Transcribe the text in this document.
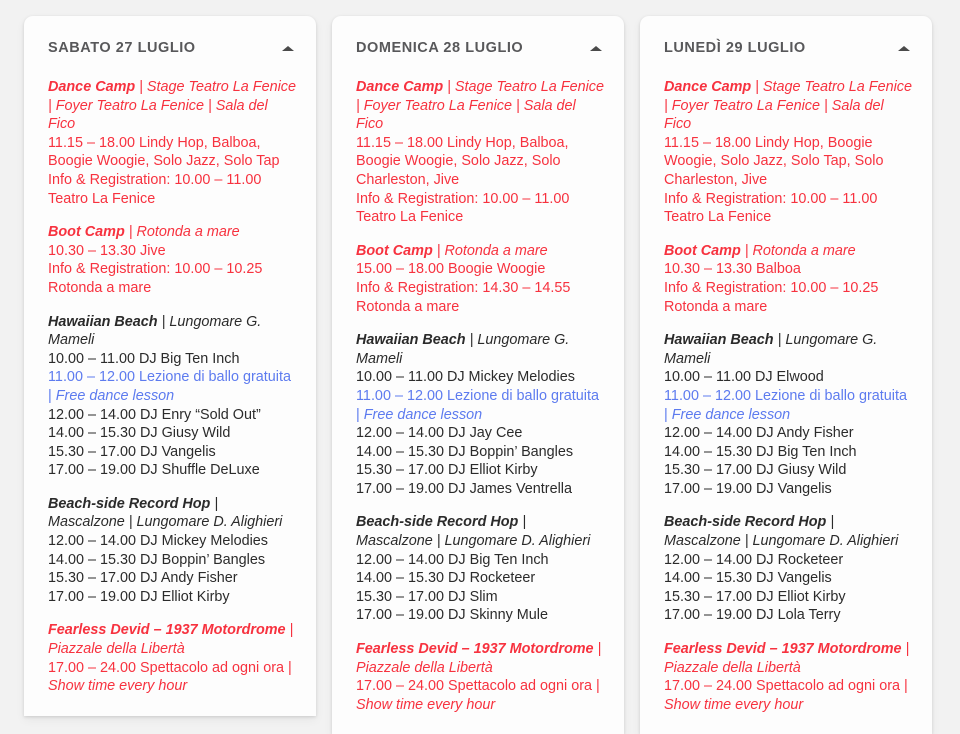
SABATO 27 LUGLIO
Dance Camp | Stage Teatro La Fenice | Foyer Teatro La Fenice | Sala del Fico
11.15 – 18.00 Lindy Hop, Balboa, Boogie Woogie, Solo Jazz, Solo Tap
Info & Registration: 10.00 – 11.00 Teatro La Fenice
Boot Camp | Rotonda a mare
10.30 – 13.30 Jive
Info & Registration: 10.00 – 10.25 Rotonda a mare
Hawaiian Beach | Lungomare G. Mameli
10.00 – 11.00 DJ Big Ten Inch
11.00 – 12.00 Lezione di ballo gratuita | Free dance lesson
12.00 – 14.00 DJ Enry “Sold Out”
14.00 – 15.30 DJ Giusy Wild
15.30 – 17.00 DJ Vangelis
17.00 – 19.00 DJ Shuffle DeLuxe
Beach-side Record Hop | Mascalzone | Lungomare D. Alighieri
12.00 – 14.00 DJ Mickey Melodies
14.00 – 15.30 DJ Boppin’ Bangles
15.30 – 17.00 DJ Andy Fisher
17.00 – 19.00 DJ Elliot Kirby
Fearless Devid – 1937 Motordrome | Piazzale della Libertà
17.00 – 24.00 Spettacolo ad ogni ora | Show time every hour
DOMENICA 28 LUGLIO
Dance Camp | Stage Teatro La Fenice | Foyer Teatro La Fenice | Sala del Fico
11.15 – 18.00 Lindy Hop, Balboa, Boogie Woogie, Solo Jazz, Solo Charleston, Jive
Info & Registration: 10.00 – 11.00 Teatro La Fenice
Boot Camp | Rotonda a mare
15.00 – 18.00 Boogie Woogie
Info & Registration: 14.30 – 14.55 Rotonda a mare
Hawaiian Beach | Lungomare G. Mameli
10.00 – 11.00 DJ Mickey Melodies
11.00 – 12.00 Lezione di ballo gratuita | Free dance lesson
12.00 – 14.00 DJ Jay Cee
14.00 – 15.30 DJ Boppin’ Bangles
15.30 – 17.00 DJ Elliot Kirby
17.00 – 19.00 DJ James Ventrella
Beach-side Record Hop | Mascalzone | Lungomare D. Alighieri
12.00 – 14.00 DJ Big Ten Inch
14.00 – 15.30 DJ Rocketeer
15.30 – 17.00 DJ Slim
17.00 – 19.00 DJ Skinny Mule
Fearless Devid – 1937 Motordrome | Piazzale della Libertà
17.00 – 24.00 Spettacolo ad ogni ora | Show time every hour
LUNEDÌ 29 LUGLIO
Dance Camp | Stage Teatro La Fenice | Foyer Teatro La Fenice | Sala del Fico
11.15 – 18.00 Lindy Hop, Boogie Woogie, Solo Jazz, Solo Tap, Solo Charleston, Jive
Info & Registration: 10.00 – 11.00 Teatro La Fenice
Boot Camp | Rotonda a mare
10.30 – 13.30 Balboa
Info & Registration: 10.00 – 10.25 Rotonda a mare
Hawaiian Beach | Lungomare G. Mameli
10.00 – 11.00 DJ Elwood
11.00 – 12.00 Lezione di ballo gratuita | Free dance lesson
12.00 – 14.00 DJ Andy Fisher
14.00 – 15.30 DJ Big Ten Inch
15.30 – 17.00 DJ Giusy Wild
17.00 – 19.00 DJ Vangelis
Beach-side Record Hop | Mascalzone | Lungomare D. Alighieri
12.00 – 14.00 DJ Rocketeer
14.00 – 15.30 DJ Vangelis
15.30 – 17.00 DJ Elliot Kirby
17.00 – 19.00 DJ Lola Terry
Fearless Devid – 1937 Motordrome | Piazzale della Libertà
17.00 – 24.00 Spettacolo ad ogni ora | Show time every hour
